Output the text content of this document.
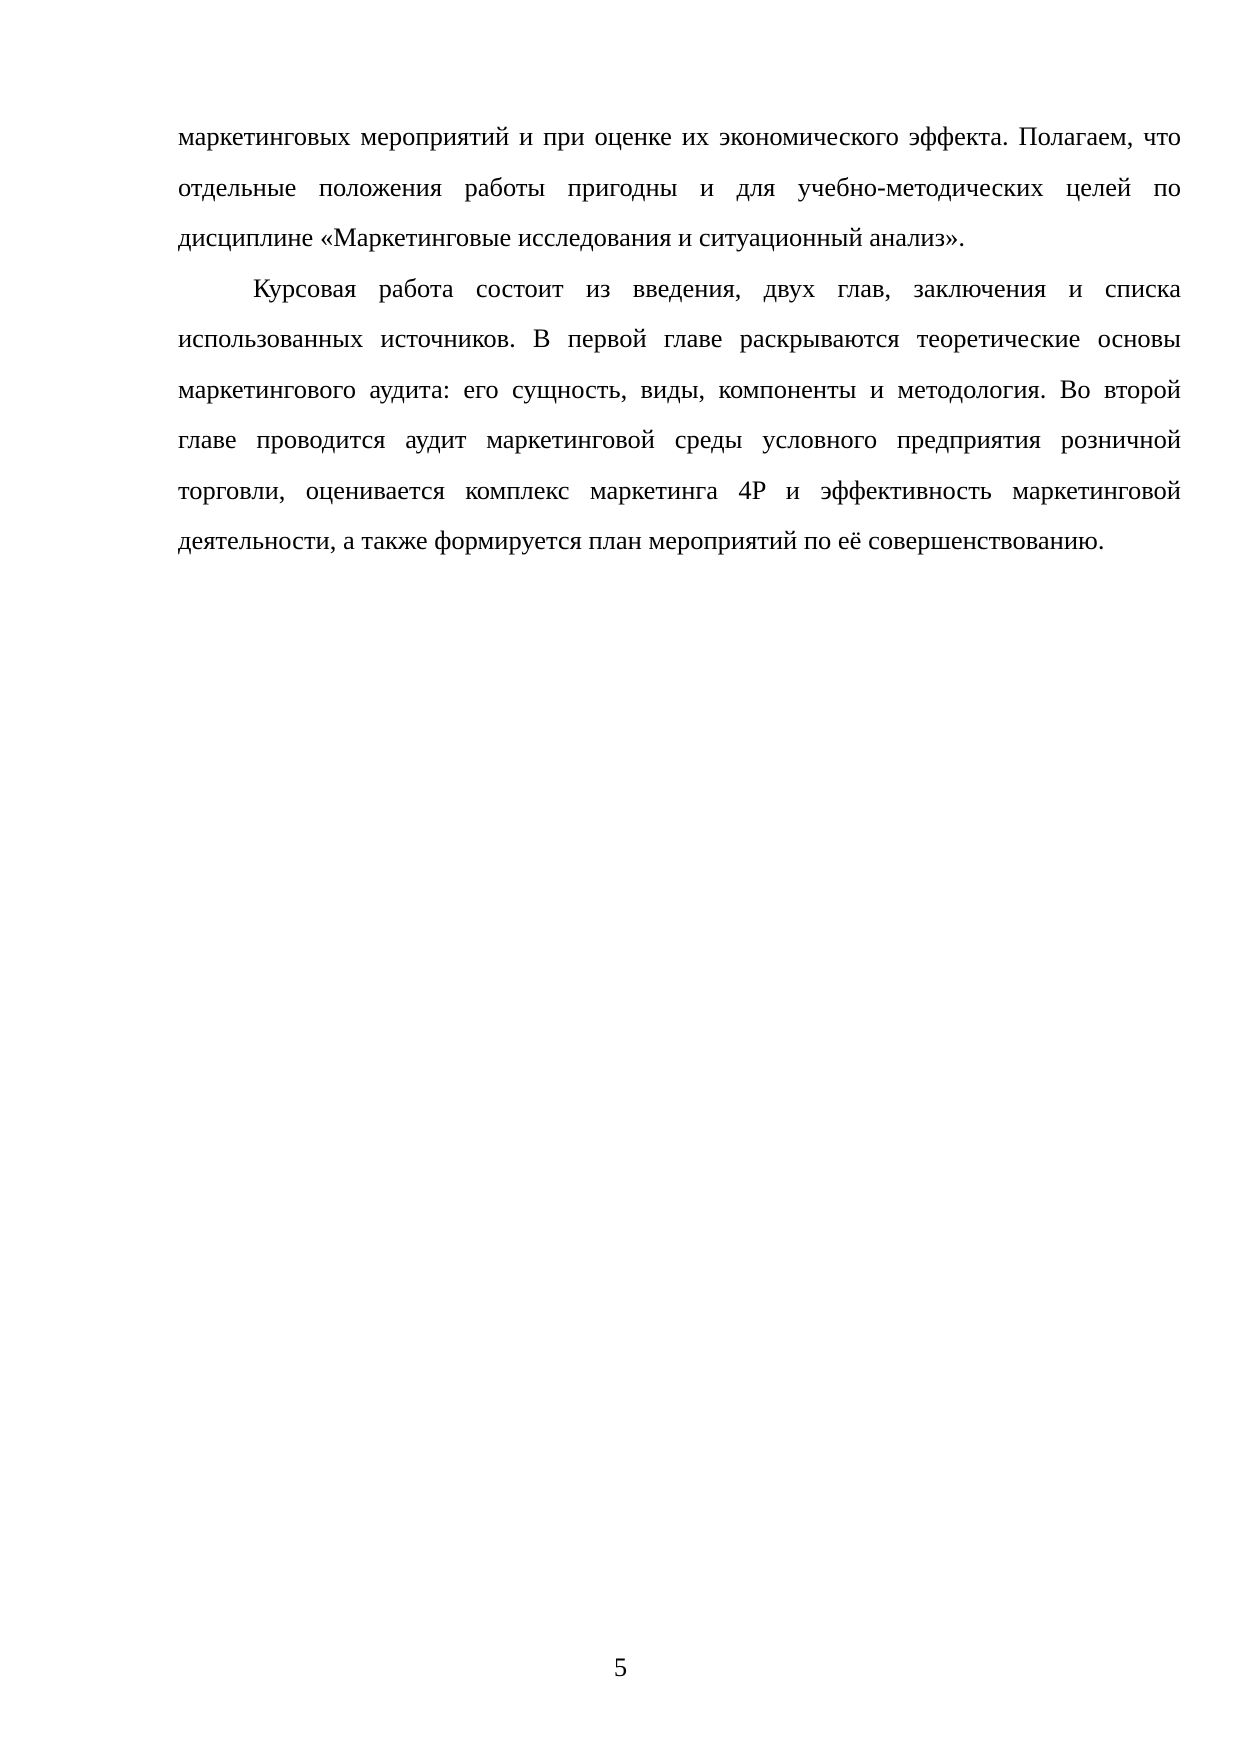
маркетинговых мероприятий и при оценке их экономического эффекта. Полагаем, что отдельные положения работы пригодны и для учебно-методических целей по дисциплине «Маркетинговые исследования и ситуационный анализ».

Курсовая работа состоит из введения, двух глав, заключения и списка использованных источников. В первой главе раскрываются теоретические основы маркетингового аудита: его сущность, виды, компоненты и методология. Во второй главе проводится аудит маркетинговой среды условного предприятия розничной торговли, оценивается комплекс маркетинга 4P и эффективность маркетинговой деятельности, а также формируется план мероприятий по её совершенствованию.

5
